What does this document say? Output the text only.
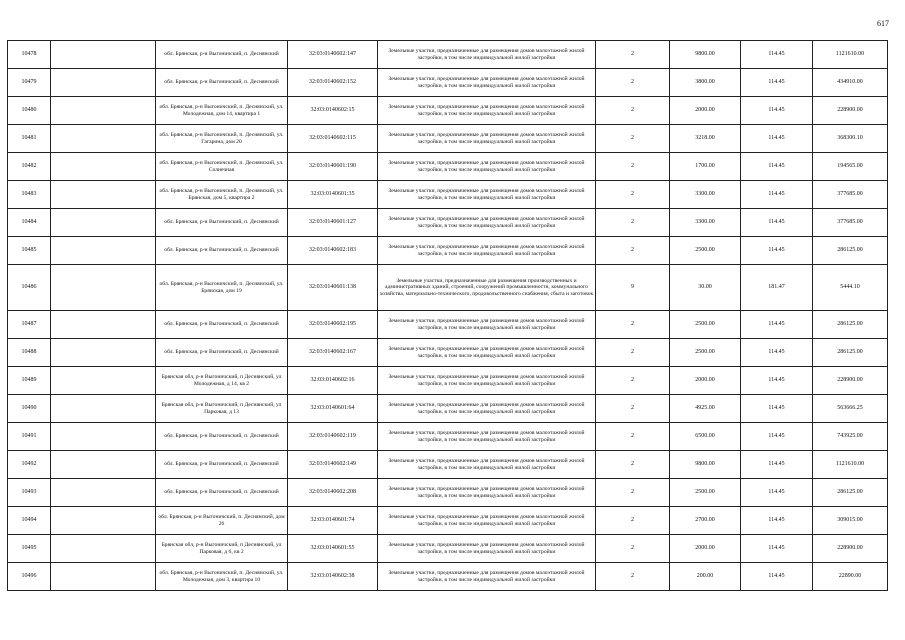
617
10478		обл. Брянская, р-н Выгоничский, п. Деснянский	32:03:0140602:147	Земельные участки, предназначенные для размещения домов малоэтажной жилой застройки, в том числе индивидуальной жилой застройки	2	9800.00	114.45	1121610.00
10479		обл. Брянская, р-н Выгоничский, п. Деснянский	32:03:0140602:152	Земельные участки, предназначенные для размещения домов малоэтажной жилой застройки, в том числе индивидуальной жилой застройки	2	3800.00	114.45	434910.00
10480		обл. Брянская, р-н Выгоничский, п. Деснянский, ул. Молодежная, дом 14, квартира 1	32:03:0140602:15	Земельные участки, предназначенные для размещения домов малоэтажной жилой застройки, в том числе индивидуальной жилой застройки	2	2000.00	114.45	228900.00
10481		обл. Брянская, р-н Выгоничский, п. Деснянский, ул. Гагарина, дом 20	32:03:0140602:115	Земельные участки, предназначенные для размещения домов малоэтажной жилой застройки, в том числе индивидуальной жилой застройки	2	3218.00	114.45	368300.10
10482		обл. Брянская, р-н Выгоничский, п. Деснянский, ул. Солнечная	32:03:0140601:190	Земельные участки, предназначенные для размещения домов малоэтажной жилой застройки, в том числе индивидуальной жилой застройки	2	1700.00	114.45	194565.00
10483		обл. Брянская, р-н Выгоничский, п. Деснянский, ул. Брянская, дом 5, квартира 2	32:03:0140601:35	Земельные участки, предназначенные для размещения домов малоэтажной жилой застройки, в том числе индивидуальной жилой застройки	2	3300.00	114.45	377685.00
10484		обл. Брянская, р-н Выгоничский, п. Деснянский	32:03:0140601:127	Земельные участки, предназначенные для размещения домов малоэтажной жилой застройки, в том числе индивидуальной жилой застройки	2	3300.00	114.45	377685.00
10485		обл. Брянская, р-н Выгоничский, п. Деснянский	32:03:0140602:183	Земельные участки, предназначенные для размещения домов малоэтажной жилой застройки, в том числе индивидуальной жилой застройки	2	2500.00	114.45	286125.00
10486		обл. Брянская, р-н Выгоничский, п. Деснянский, ул. Брянская, дом 19	32:03:0140601:138	Земельные участки, предназначенные для размещения производственных и административных зданий, строений, сооружений промышленности, коммунального хозяйства, материально-технического, продовольственного снабжения, сбыта и заготовок	9	30.00	181.47	5444.10
10487		обл. Брянская, р-н Выгоничский, п. Деснянский	32:03:0140602:195	Земельные участки, предназначенные для размещения домов малоэтажной жилой застройки, в том числе индивидуальной жилой застройки	2	2500.00	114.45	286125.00
10488		обл. Брянская, р-н Выгоничский, п. Деснянский	32:03:0140602:167	Земельные участки, предназначенные для размещения домов малоэтажной жилой застройки, в том числе индивидуальной жилой застройки	2	2500.00	114.45	286125.00
10489		Брянская обл, р-н Выгоничский, п Деснянский, ул Молодежная, д 14, кв 2	32:03:0140602:16	Земельные участки, предназначенные для размещения домов малоэтажной жилой застройки, в том числе индивидуальной жилой застройки	2	2000.00	114.45	228900.00
10490		Брянская обл, р-н Выгоничский, п Деснянский, ул Парковая, д 13	32:03:0140601:64	Земельные участки, предназначенные для размещения домов малоэтажной жилой застройки, в том числе индивидуальной жилой застройки	2	4925.00	114.45	563666.25
10491		обл. Брянская, р-н Выгоничский, п. Деснянский	32:03:0140602:119	Земельные участки, предназначенные для размещения домов малоэтажной жилой застройки, в том числе индивидуальной жилой застройки	2	6500.00	114.45	743925.00
10492		обл. Брянская, р-н Выгоничский, п. Деснянский	32:03:0140602:149	Земельные участки, предназначенные для размещения домов малоэтажной жилой застройки, в том числе индивидуальной жилой застройки	2	9800.00	114.45	1121610.00
10493		обл. Брянская, р-н Выгоничский, п. Деснянский	32:03:0140602:208	Земельные участки, предназначенные для размещения домов малоэтажной жилой застройки, в том числе индивидуальной жилой застройки	2	2500.00	114.45	286125.00
10494		обл. Брянская, р-н Выгоничский, п. Деснянский, дом 26	32:03:0140601:74	Земельные участки, предназначенные для размещения домов малоэтажной жилой застройки, в том числе индивидуальной жилой застройки	2	2700.00	114.45	309015.00
10495		Брянская обл, р-н Выгоничский, п Деснянский, ул Парковая, д 6, кв 2	32:03:0140601:55	Земельные участки, предназначенные для размещения домов малоэтажной жилой застройки, в том числе индивидуальной жилой застройки	2	2000.00	114.45	228900.00
10496		обл. Брянская, р-н Выгоничский, п. Деснянский, ул. Молодежная, дом 3, квартира 10	32:03:0140602:38	Земельные участки, предназначенные для размещения домов малоэтажной жилой застройки, в том числе индивидуальной жилой застройки	2	200.00	114.45	22890.00
